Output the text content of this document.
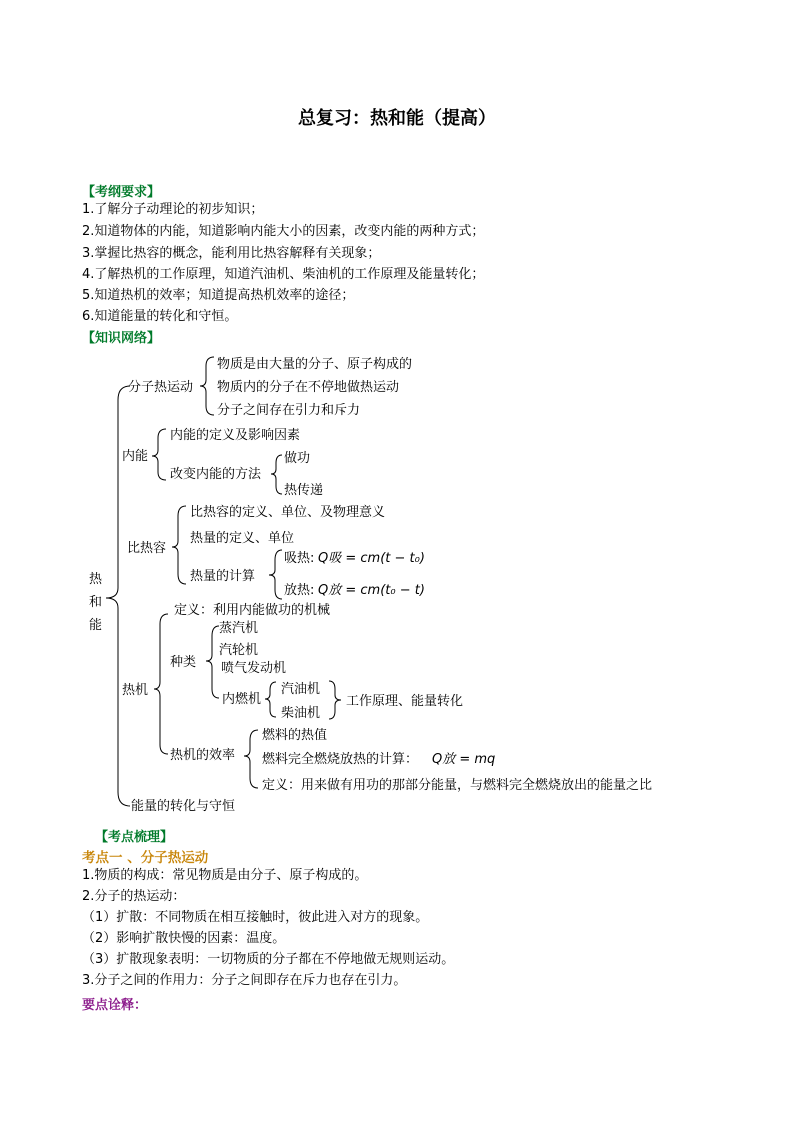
总复习：热和能（提高）
【考纲要求】
1.了解分子动理论的初步知识；
2.知道物体的内能，知道影响内能大小的因素，改变内能的两种方式；
3.掌握比热容的概念，能利用比热容解释有关现象；
4.了解热机的工作原理，知道汽油机、柴油机的工作原理及能量转化；
5.知道热机的效率；知道提高热机效率的途径；
6.知道能量的转化和守恒。
【知识网络】
热
和
能
分子热运动
物质是由大量的分子、原子构成的
物质内的分子在不停地做热运动
分子之间存在引力和斥力
内能
内能的定义及影响因素
改变内能的方法
做功
热传递
比热容
比热容的定义、单位、及物理意义
热量的定义、单位
热量的计算
吸热: Q吸 = cm(t − t₀)
放热: Q放 = cm(t₀ − t)
热机
定义：利用内能做功的机械
种类
蒸汽机
汽轮机
喷气发动机
内燃机
汽油机
柴油机
工作原理、能量转化
热机的效率
燃料的热值
燃料完全燃烧放热的计算： Q放 = mq
定义：用来做有用功的那部分能量，与燃料完全燃烧放出的能量之比
能量的转化与守恒
【考点梳理】
考点一 、分子热运动
1.物质的构成：常见物质是由分子、原子构成的。
2.分子的热运动：
（1）扩散：不同物质在相互接触时，彼此进入对方的现象。
（2）影响扩散快慢的因素：温度。
（3）扩散现象表明：一切物质的分子都在不停地做无规则运动。
3.分子之间的作用力：分子之间即存在斥力也存在引力。
要点诠释：
